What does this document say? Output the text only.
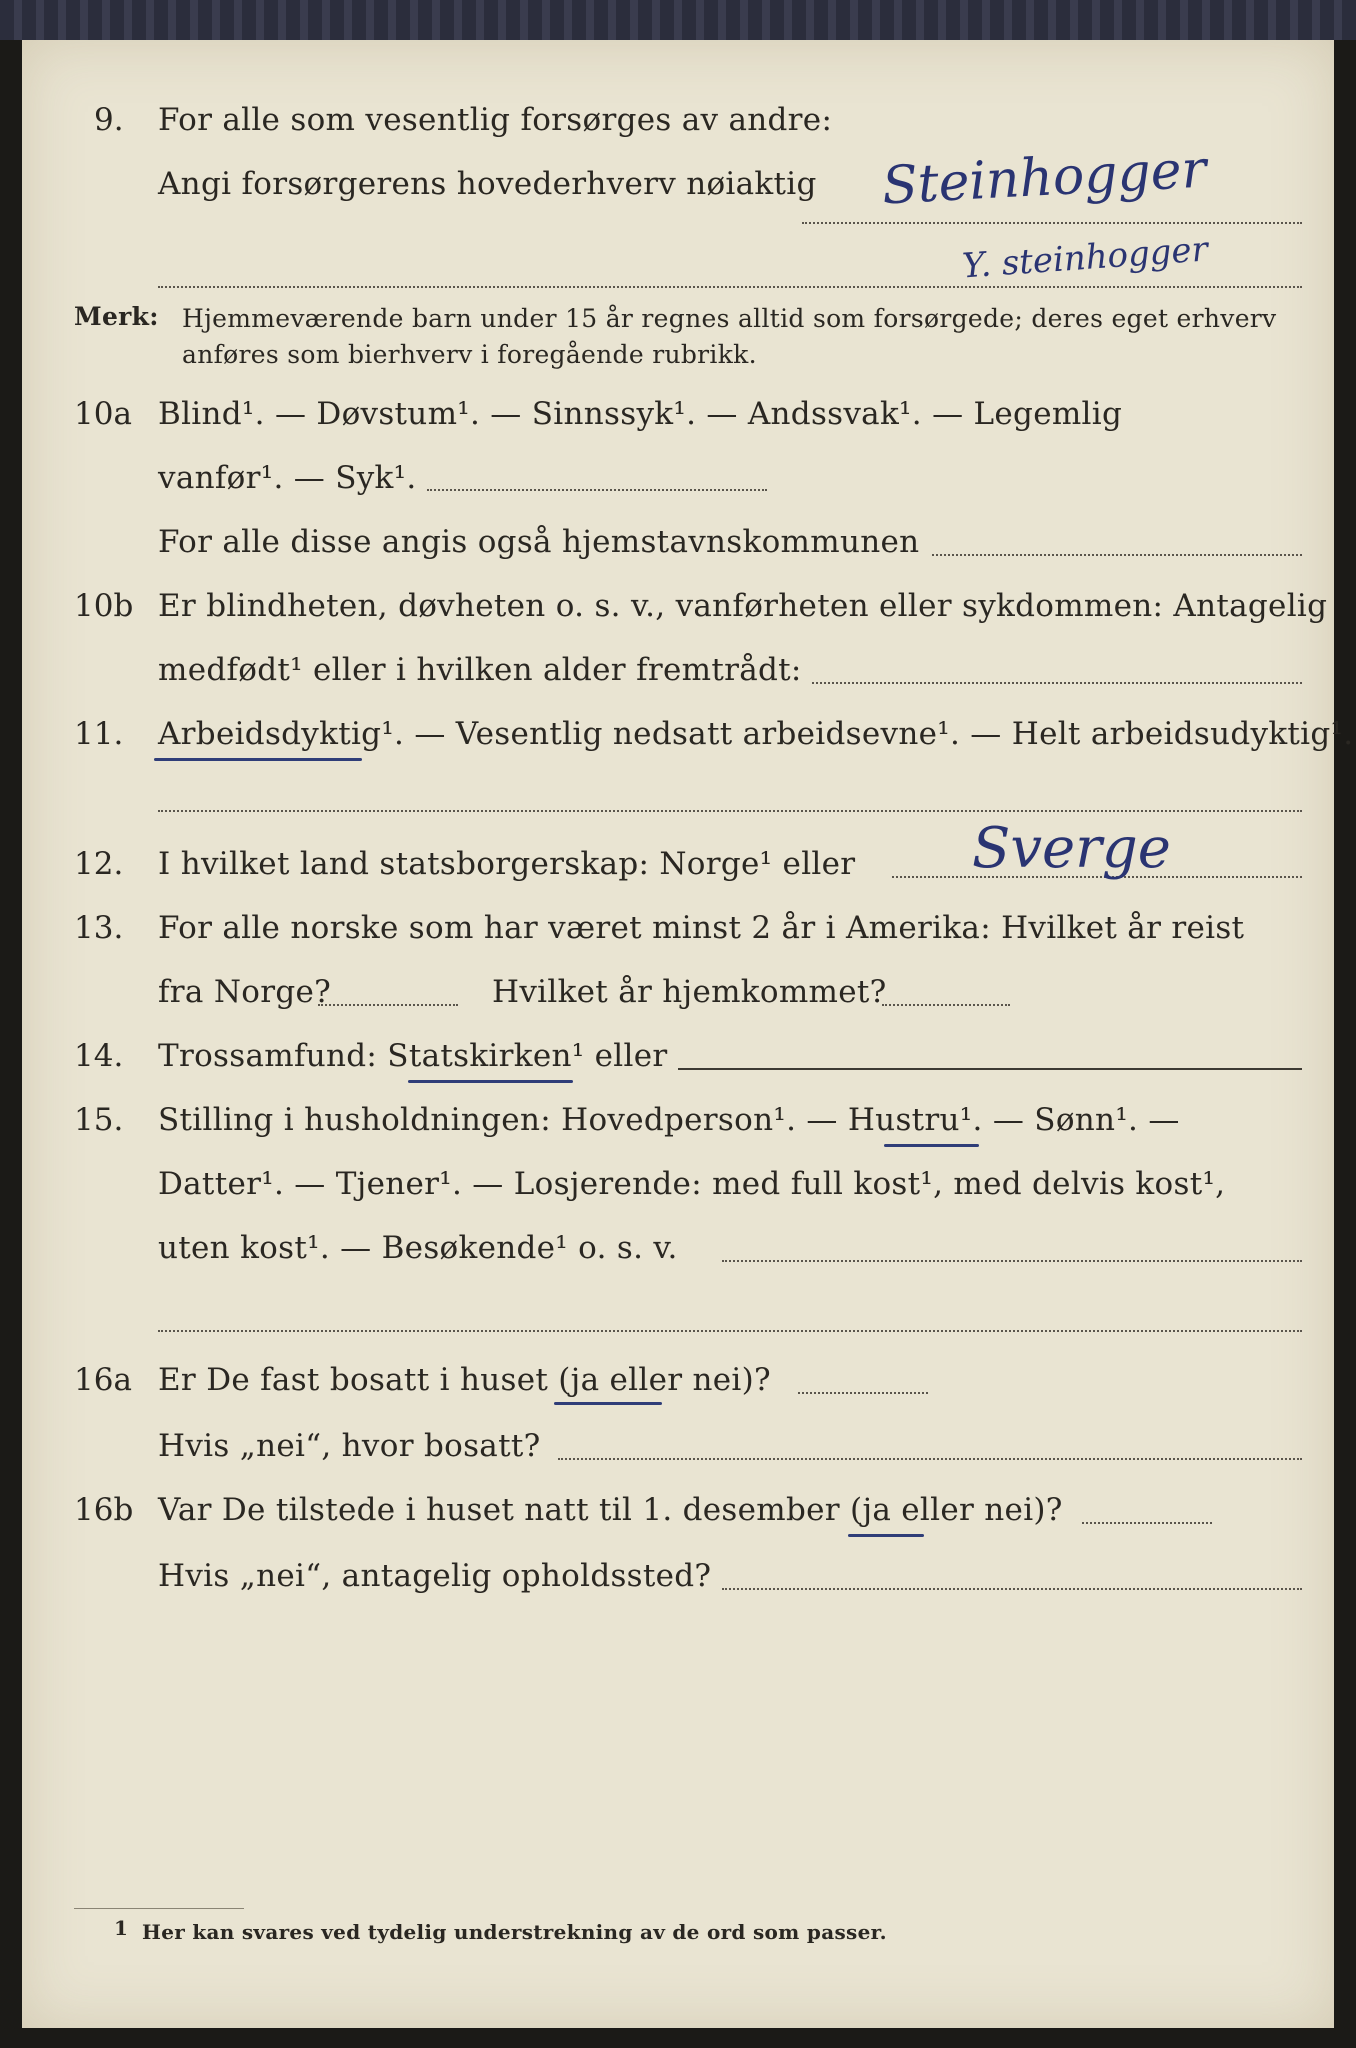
9. For alle som vesentlig forsørges av andre:
Angi forsørgerens hovederhverv nøiaktig Steinhogger
Y. steinhogger
Merk: Hjemmeværende barn under 15 år regnes alltid som forsørgede; deres eget erhverv
anføres som bierhverv i foregående rubrikk.
10a Blind¹. — Døvstum¹. — Sinnssyk¹. — Andssvak¹. — Legemlig
vanfør¹. — Syk¹.
For alle disse angis også hjemstavnskommunen
10b Er blindheten, døvheten o. s. v., vanførheten eller sykdommen: Antagelig
medfødt¹ eller i hvilken alder fremtrådt:
11. Arbeidsdyktig¹. — Vesentlig nedsatt arbeidsevne¹. — Helt arbeidsudyktig¹.
12. I hvilket land statsborgerskap: Norge¹ eller Sverge
13. For alle norske som har været minst 2 år i Amerika: Hvilket år reist
fra Norge?	Hvilket år hjemkommet?
14. Trossamfund: Statskirken¹ eller
15. Stilling i husholdningen: Hovedperson¹. — Hustru¹. — Sønn¹. —
Datter¹. — Tjener¹. — Losjerende: med full kost¹, med delvis kost¹,
uten kost¹. — Besøkende¹ o. s. v.
16a Er De fast bosatt i huset (ja eller nei)?
Hvis „nei“, hvor bosatt?
16b Var De tilstede i huset natt til 1. desember (ja eller nei)?
Hvis „nei“, antagelig opholdssted?
1 Her kan svares ved tydelig understrekning av de ord som passer.
